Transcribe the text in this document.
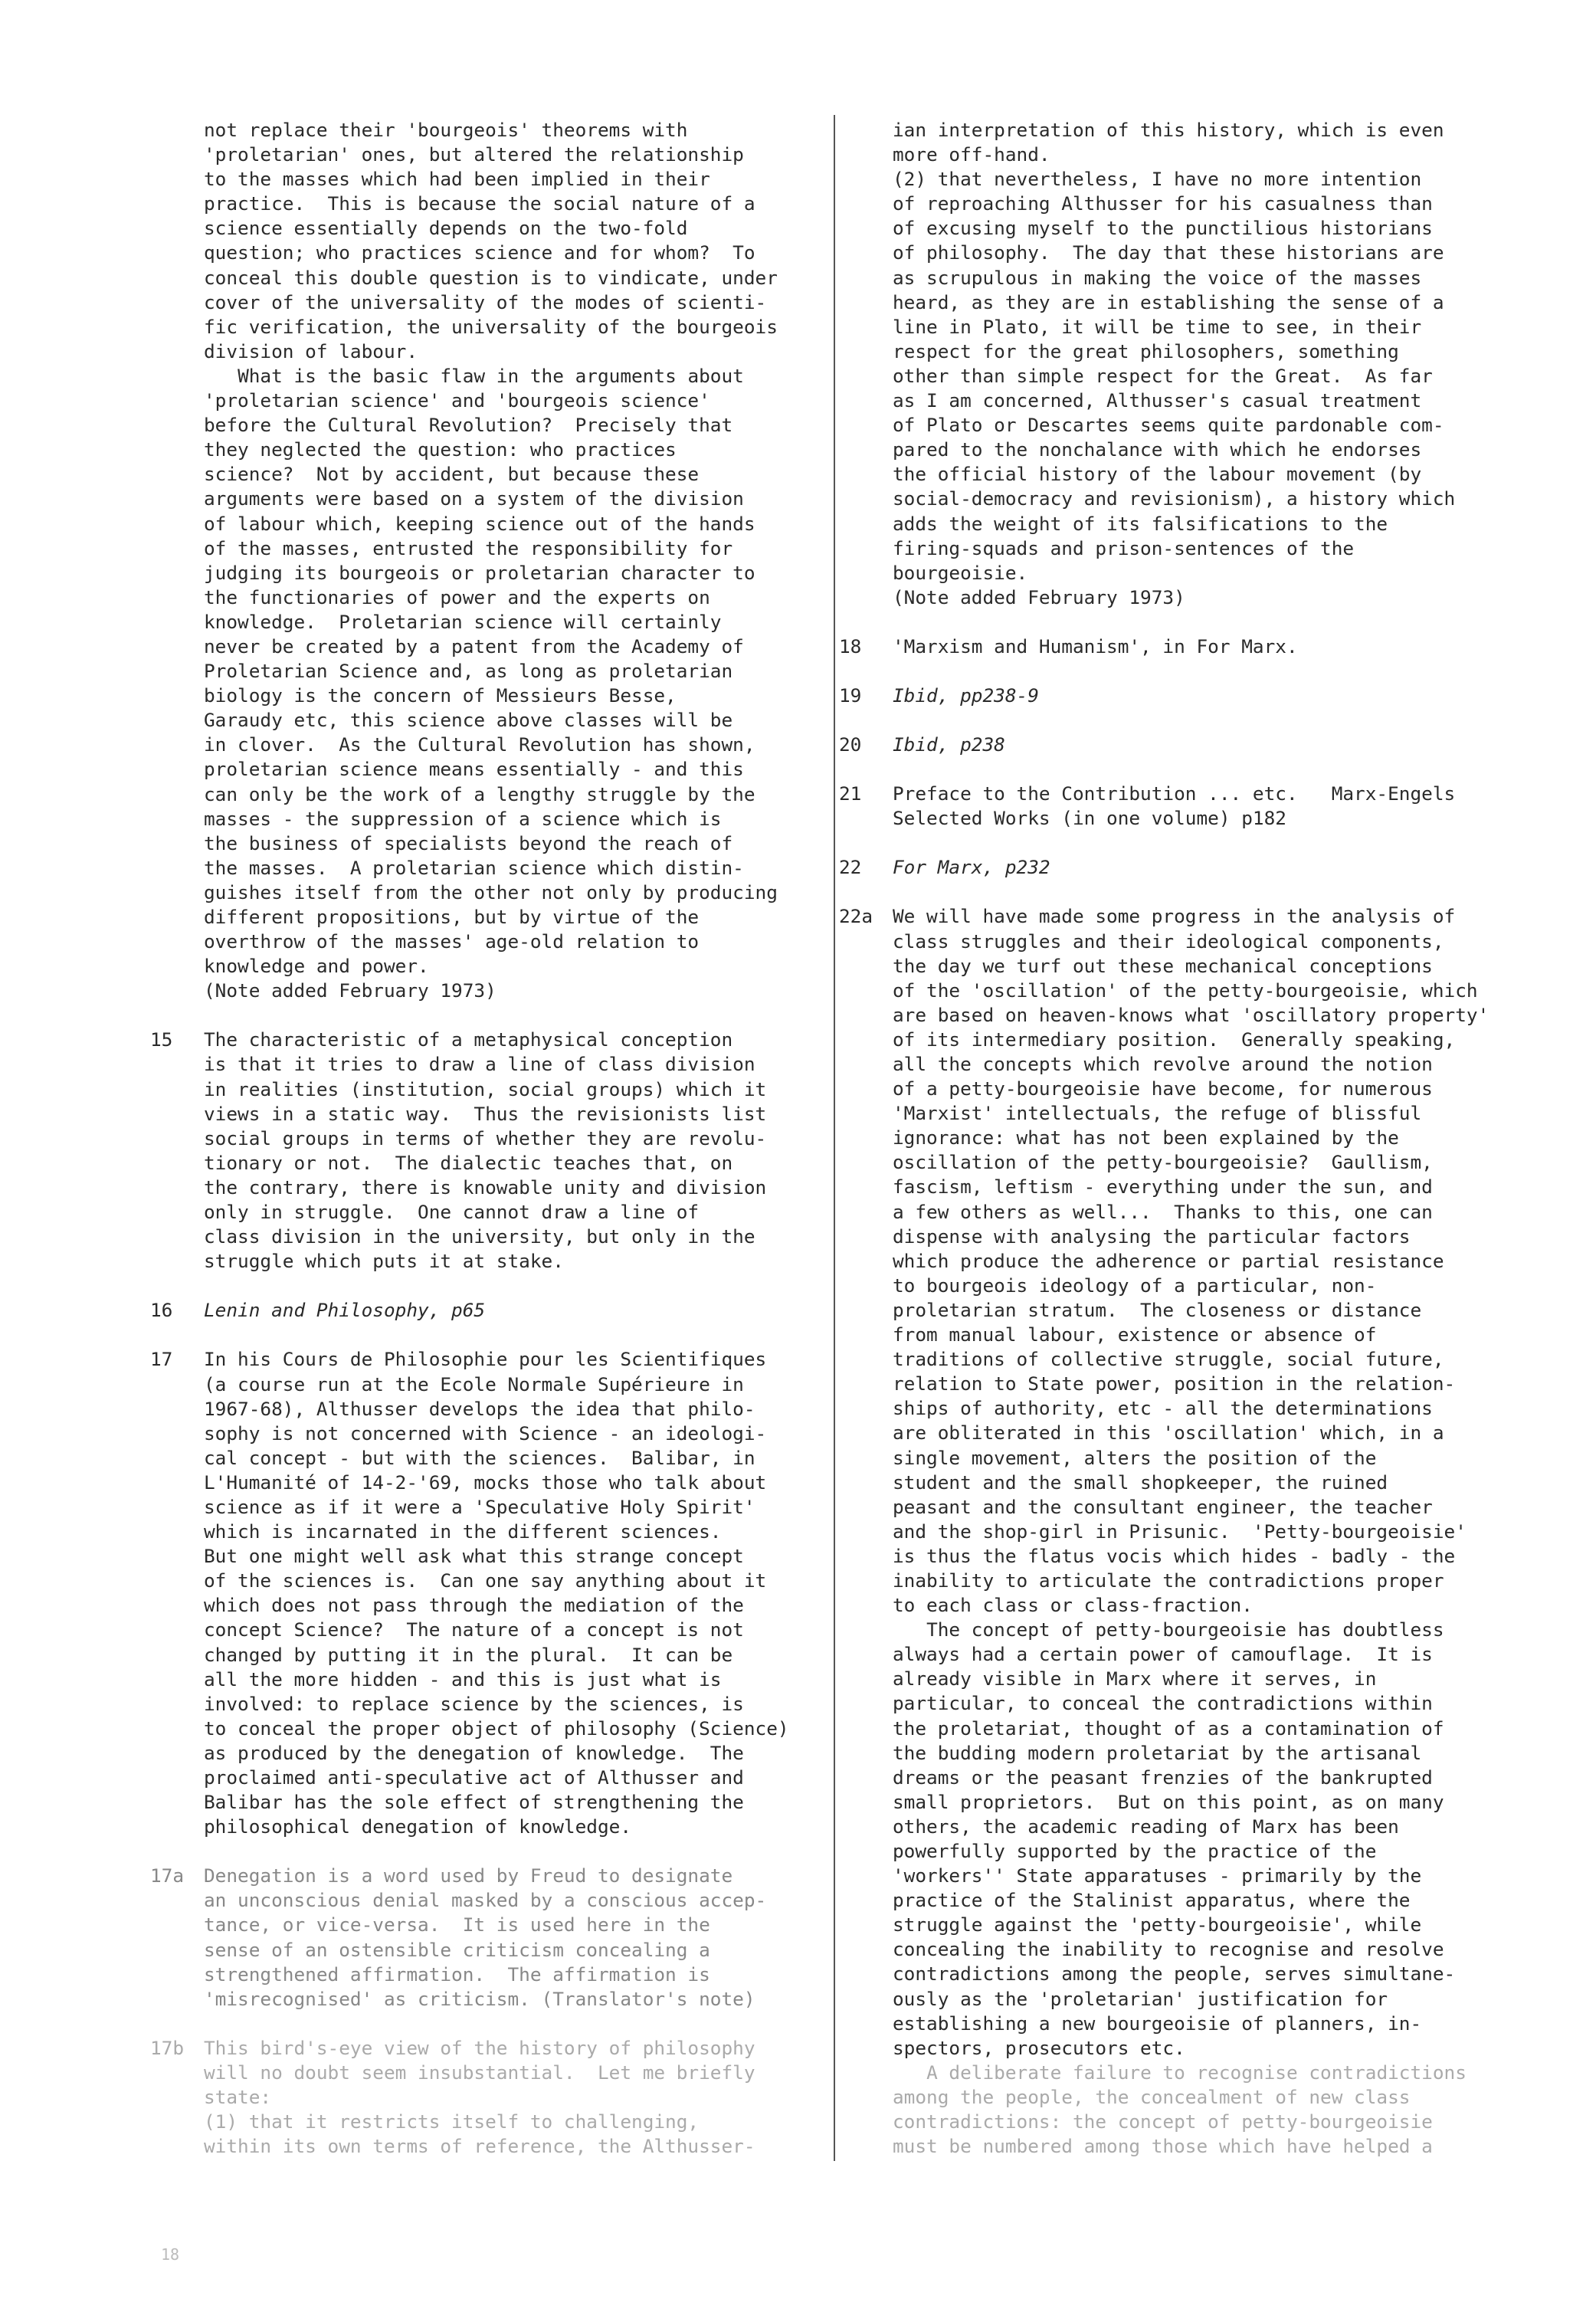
not replace their 'bourgeois' theorems with
'proletarian' ones, but altered the relationship
to the masses which had been implied in their
practice.  This is because the social nature of a
science essentially depends on the two-fold
question; who practices science and for whom?  To
conceal this double question is to vindicate, under
cover of the universality of the modes of scienti-
fic verification, the universality of the bourgeois
division of labour.
What is the basic flaw in the arguments about
'proletarian science' and 'bourgeois science'
before the Cultural Revolution?  Precisely that
they neglected the question: who practices
science?  Not by accident, but because these
arguments were based on a system of the division
of labour which, keeping science out of the hands
of the masses, entrusted the responsibility for
judging its bourgeois or proletarian character to
the functionaries of power and the experts on
knowledge.  Proletarian science will certainly
never be created by a patent from the Academy of
Proletarian Science and, as long as proletarian
biology is the concern of Messieurs Besse,
Garaudy etc, this science above classes will be
in clover.  As the Cultural Revolution has shown,
proletarian science means essentially - and this
can only be the work of a lengthy struggle by the
masses - the suppression of a science which is
the business of specialists beyond the reach of
the masses.  A proletarian science which distin-
guishes itself from the other not only by producing
different propositions, but by virtue of the
overthrow of the masses' age-old relation to
knowledge and power.
(Note added February 1973)

15	The characteristic of a metaphysical conception
is that it tries to draw a line of class division
in realities (institution, social groups) which it
views in a static way.  Thus the revisionists list
social groups in terms of whether they are revolu-
tionary or not.  The dialectic teaches that, on
the contrary, there is knowable unity and division
only in struggle.  One cannot draw a line of
class division in the university, but only in the
struggle which puts it at stake.

16	Lenin and Philosophy, p65

17	In his Cours de Philosophie pour les Scientifiques
(a course run at the Ecole Normale Supérieure in
1967-68), Althusser develops the idea that philo-
sophy is not concerned with Science - an ideologi-
cal concept - but with the sciences.  Balibar, in
L'Humanité of 14-2-'69, mocks those who talk about
science as if it were a 'Speculative Holy Spirit'
which is incarnated in the different sciences.
But one might well ask what this strange concept
of the sciences is.  Can one say anything about it
which does not pass through the mediation of the
concept Science?  The nature of a concept is not
changed by putting it in the plural.  It can be
all the more hidden - and this is just what is
involved: to replace science by the sciences, is
to conceal the proper object of philosophy (Science)
as produced by the denegation of knowledge.  The
proclaimed anti-speculative act of Althusser and
Balibar has the sole effect of strengthening the
philosophical denegation of knowledge.

17a	Denegation is a word used by Freud to designate
an unconscious denial masked by a conscious accep-
tance, or vice-versa.  It is used here in the
sense of an ostensible criticism concealing a
strengthened affirmation.  The affirmation is
'misrecognised' as criticism. (Translator's note)

17b	This bird's-eye view of the history of philosophy
will no doubt seem insubstantial.  Let me briefly
state:
(1) that it restricts itself to challenging,
within its own terms of reference, the Althusser-

ian interpretation of this history, which is even
more off-hand.
(2) that nevertheless, I have no more intention
of reproaching Althusser for his casualness than
of excusing myself to the punctilious historians
of philosophy.  The day that these historians are
as scrupulous in making the voice of the masses
heard, as they are in establishing the sense of a
line in Plato, it will be time to see, in their
respect for the great philosophers, something
other than simple respect for the Great.  As far
as I am concerned, Althusser's casual treatment
of Plato or Descartes seems quite pardonable com-
pared to the nonchalance with which he endorses
the official history of the labour movement (by
social-democracy and revisionism), a history which
adds the weight of its falsifications to the
firing-squads and prison-sentences of the
bourgeoisie.
(Note added February 1973)

18	'Marxism and Humanism', in For Marx.

19	Ibid, pp238-9

20	Ibid, p238

21	Preface to the Contribution ... etc.   Marx-Engels
Selected Works (in one volume) p182

22	For Marx, p232

22a	We will have made some progress in the analysis of
class struggles and their ideological components,
the day we turf out these mechanical conceptions
of the 'oscillation' of the petty-bourgeoisie, which
are based on heaven-knows what 'oscillatory property'
of its intermediary position.  Generally speaking,
all the concepts which revolve around the notion
of a petty-bourgeoisie have become, for numerous
'Marxist' intellectuals, the refuge of blissful
ignorance: what has not been explained by the
oscillation of the petty-bourgeoisie?  Gaullism,
fascism, leftism - everything under the sun, and
a few others as well...  Thanks to this, one can
dispense with analysing the particular factors
which produce the adherence or partial resistance
to bourgeois ideology of a particular, non-
proletarian stratum.  The closeness or distance
from manual labour, existence or absence of
traditions of collective struggle, social future,
relation to State power, position in the relation-
ships of authority, etc - all the determinations
are obliterated in this 'oscillation' which, in a
single movement, alters the position of the
student and the small shopkeeper, the ruined
peasant and the consultant engineer, the teacher
and the shop-girl in Prisunic.  'Petty-bourgeoisie'
is thus the flatus vocis which hides - badly - the
inability to articulate the contradictions proper
to each class or class-fraction.
The concept of petty-bourgeoisie has doubtless
always had a certain power of camouflage.  It is
already visible in Marx where it serves, in
particular, to conceal the contradictions within
the proletariat, thought of as a contamination of
the budding modern proletariat by the artisanal
dreams or the peasant frenzies of the bankrupted
small proprietors.  But on this point, as on many
others, the academic reading of Marx has been
powerfully supported by the practice of the
'workers'' State apparatuses - primarily by the
practice of the Stalinist apparatus, where the
struggle against the 'petty-bourgeoisie', while
concealing the inability to recognise and resolve
contradictions among the people, serves simultane-
ously as the 'proletarian' justification for
establishing a new bourgeoisie of planners, in-
spectors, prosecutors etc.

A deliberate failure to recognise contradictions
among the people, the concealment of new class
contradictions: the concept of petty-bourgeoisie
must be numbered among those which have helped a

18
